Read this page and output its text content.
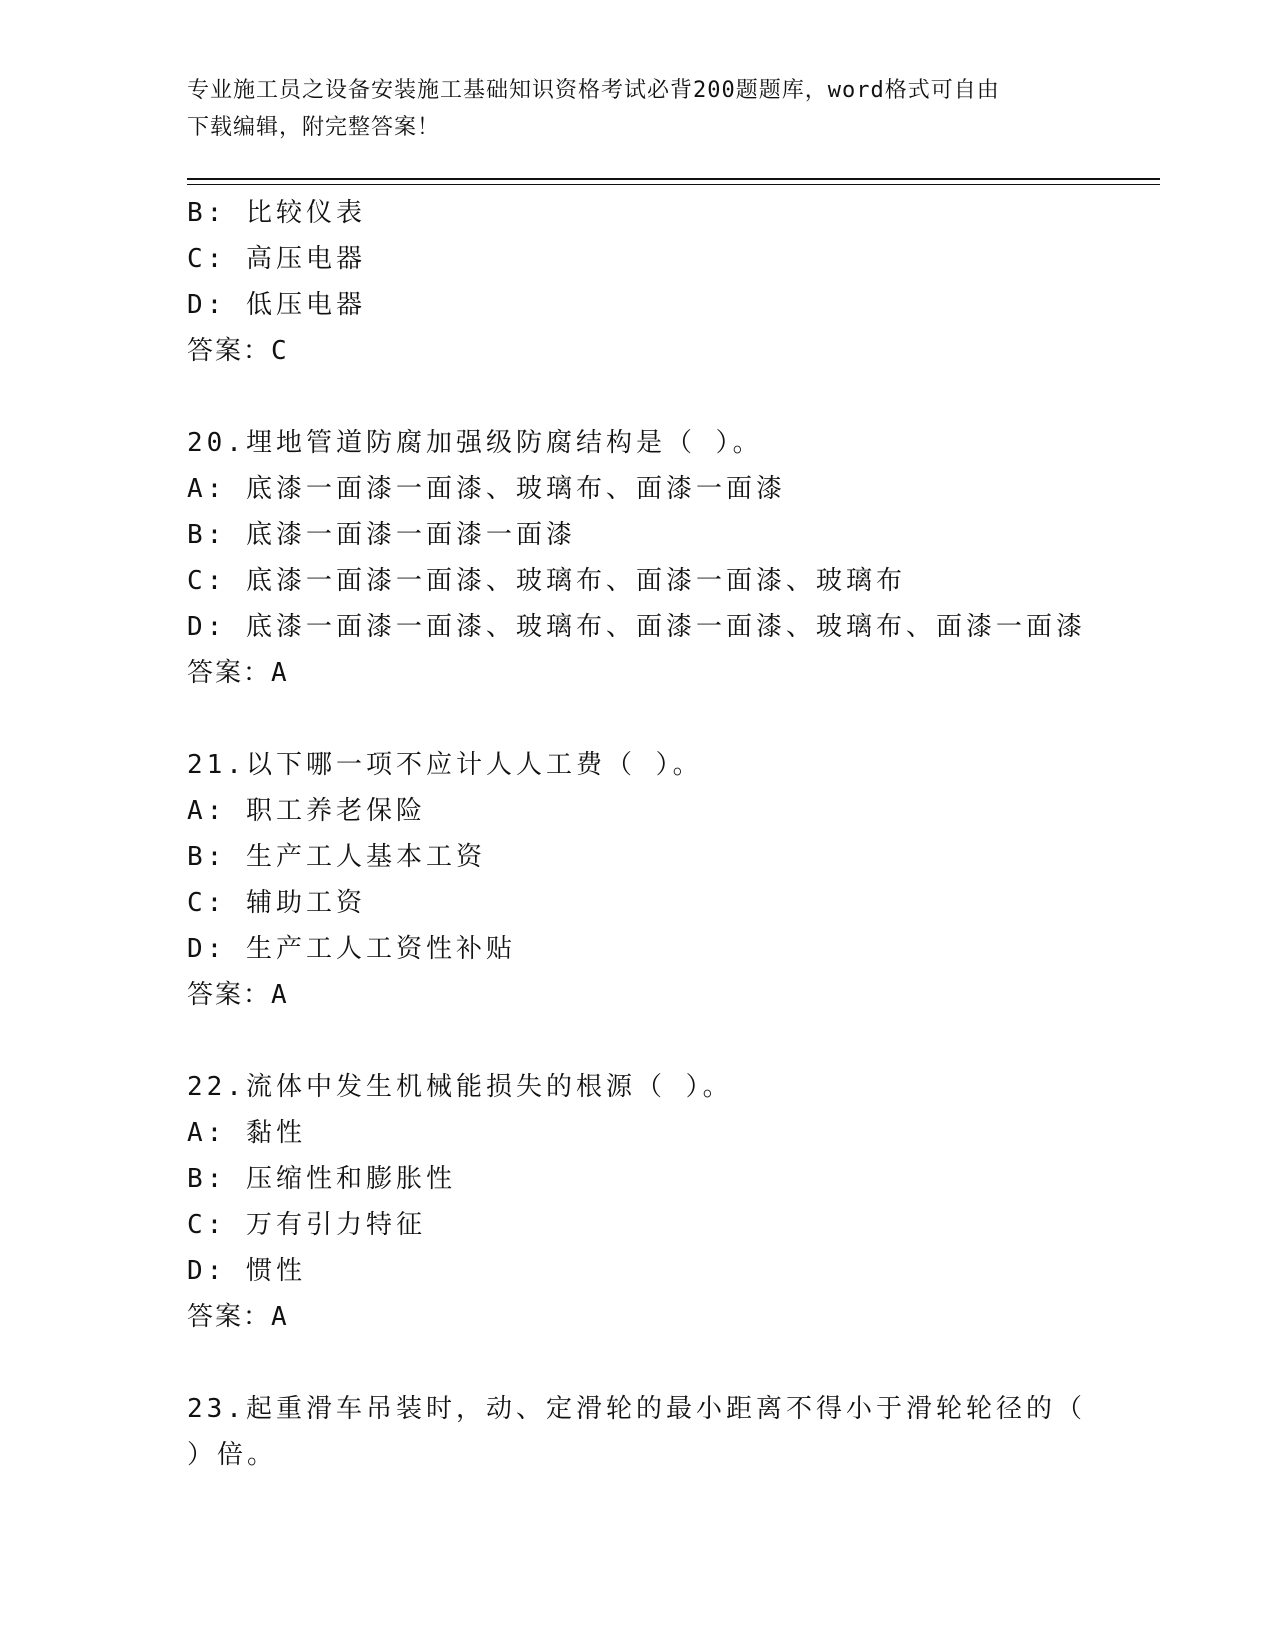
专业施工员之设备安装施工基础知识资格考试必背200题题库，word格式可自由
下载编辑，附完整答案！
B: 比较仪表
C: 高压电器
D: 低压电器
答案：C
20.埋地管道防腐加强级防腐结构是（ ）。
A: 底漆一面漆一面漆、玻璃布、面漆一面漆
B: 底漆一面漆一面漆一面漆
C: 底漆一面漆一面漆、玻璃布、面漆一面漆、玻璃布
D: 底漆一面漆一面漆、玻璃布、面漆一面漆、玻璃布、面漆一面漆
答案：A
21.以下哪一项不应计人人工费（ ）。
A: 职工养老保险
B: 生产工人基本工资
C: 辅助工资
D: 生产工人工资性补贴
答案：A
22.流体中发生机械能损失的根源（ ）。
A: 黏性
B: 压缩性和膨胀性
C: 万有引力特征
D: 惯性
答案：A
23.起重滑车吊装时，动、定滑轮的最小距离不得小于滑轮轮径的（
）倍。
